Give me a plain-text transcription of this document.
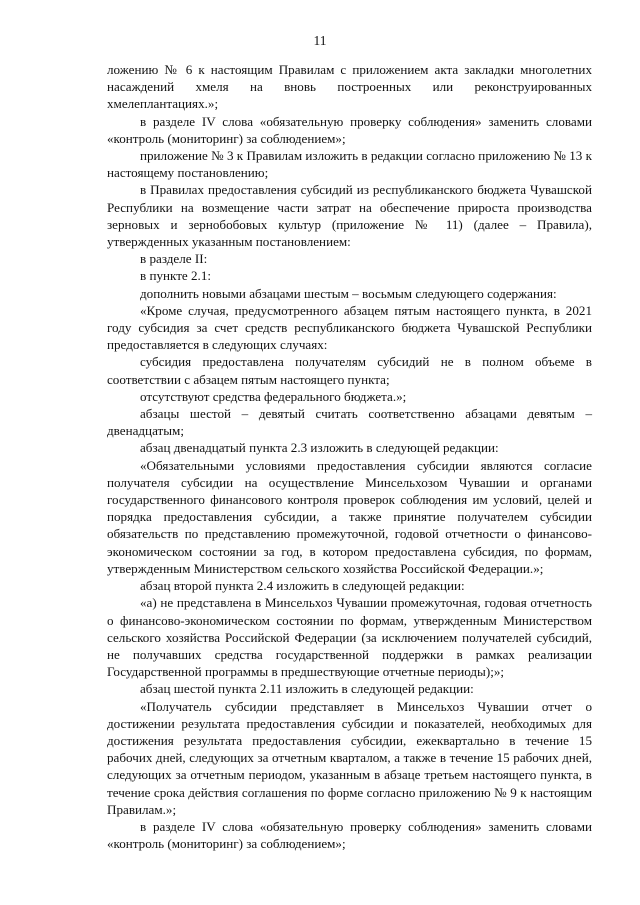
11

ложению № 6 к настоящим Правилам с приложением акта закладки многолетних насаждений хмеля на вновь построенных или реконструированных хмелеплантациях.»;

в разделе IV слова «обязательную проверку соблюдения» заменить словами «контроль (мониторинг) за соблюдением»;

приложение № 3 к Правилам изложить в редакции согласно приложению № 13 к настоящему постановлению;

в Правилах предоставления субсидий из республиканского бюджета Чувашской Республики на возмещение части затрат на обеспечение прироста производства зерновых и зернобобовых культур (приложение № 11) (далее – Правила), утвержденных указанным постановлением:

в разделе II:

в пункте 2.1:

дополнить новыми абзацами шестым – восьмым следующего содержания:

«Кроме случая, предусмотренного абзацем пятым настоящего пункта, в 2021 году субсидия за счет средств республиканского бюджета Чувашской Республики предоставляется в следующих случаях:

субсидия предоставлена получателям субсидий не в полном объеме в соответствии с абзацем пятым настоящего пункта;

отсутствуют средства федерального бюджета.»;

абзацы шестой – девятый считать соответственно абзацами девятым – двенадцатым;

абзац двенадцатый пункта 2.3 изложить в следующей редакции:

«Обязательными условиями предоставления субсидии являются согласие получателя субсидии на осуществление Минсельхозом Чувашии и органами государственного финансового контроля проверок соблюдения им условий, целей и порядка предоставления субсидии, а также принятие получателем субсидии обязательств по представлению промежуточной, годовой отчетности о финансово-экономическом состоянии за год, в котором предоставлена субсидия, по формам, утвержденным Министерством сельского хозяйства Российской Федерации.»;

абзац второй пункта 2.4 изложить в следующей редакции:

«а) не представлена в Минсельхоз Чувашии промежуточная, годовая отчетность о финансово-экономическом состоянии по формам, утвержденным Министерством сельского хозяйства Российской Федерации (за исключением получателей субсидий, не получавших средства государственной поддержки в рамках реализации Государственной программы в предшествующие отчетные периоды);»;

абзац шестой пункта 2.11 изложить в следующей редакции:

«Получатель субсидии представляет в Минсельхоз Чувашии отчет о достижении результата предоставления субсидии и показателей, необходимых для достижения результата предоставления субсидии, ежеквартально в течение 15 рабочих дней, следующих за отчетным кварталом, а также в течение 15 рабочих дней, следующих за отчетным периодом, указанным в абзаце третьем настоящего пункта, в течение срока действия соглашения по форме согласно приложению № 9 к настоящим Правилам.»;

в разделе IV слова «обязательную проверку соблюдения» заменить словами «контроль (мониторинг) за соблюдением»;
